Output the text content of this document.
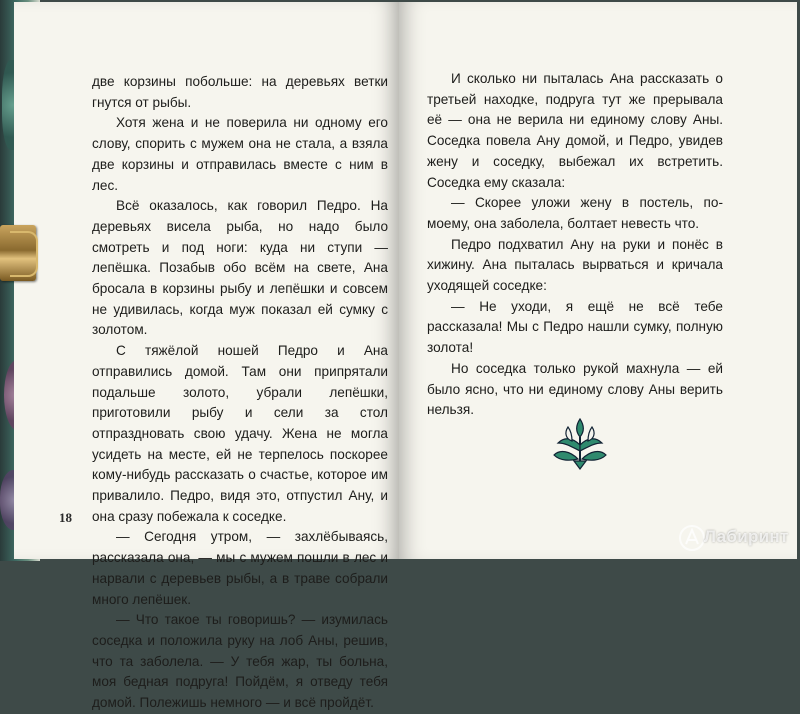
две корзины побольше: на деревьях ветки гнутся от рыбы.

Хотя жена и не поверила ни одному его слову, спорить с мужем она не стала, а взяла две корзины и отправилась вместе с ним в лес.

Всё оказалось, как говорил Педро. На деревьях висела рыба, но надо было смотреть и под ноги: куда ни ступи — лепёшка. Позабыв обо всём на свете, Ана бросала в корзины рыбу и лепёшки и совсем не удивилась, когда муж показал ей сумку с золотом.

С тяжёлой ношей Педро и Ана отправились домой. Там они припрятали подальше золото, убрали лепёшки, приготовили рыбу и сели за стол отпраздновать свою удачу. Жена не могла усидеть на месте, ей не терпелось поскорее кому-нибудь рассказать о счастье, которое им привалило. Педро, видя это, отпустил Ану, и она сразу побежала к соседке.

— Сегодня утром, — захлёбываясь, рассказала она, — мы с мужем пошли в лес и нарвали с деревьев рыбы, а в траве собрали много лепёшек.

— Что такое ты говоришь? — изумилась соседка и положила руку на лоб Аны, решив, что та заболела. — У тебя жар, ты больна, моя бедная подруга! Пойдём, я отведу тебя домой. Полежишь немного — и всё пройдёт.

18

И сколько ни пыталась Ана рассказать о третьей находке, подруга тут же прерывала её — она не верила ни единому слову Аны. Соседка повела Ану домой, и Педро, увидев жену и соседку, выбежал их встретить. Соседка ему сказала:

— Скорее уложи жену в постель, по-моему, она заболела, болтает невесть что.

Педро подхватил Ану на руки и понёс в хижину. Ана пыталась вырваться и кричала уходящей соседке:

— Не уходи, я ещё не всё тебе рассказала! Мы с Педро нашли сумку, полную золота!

Но соседка только рукой махнула — ей было ясно, что ни единому слову Аны верить нельзя.

Лабиринт
